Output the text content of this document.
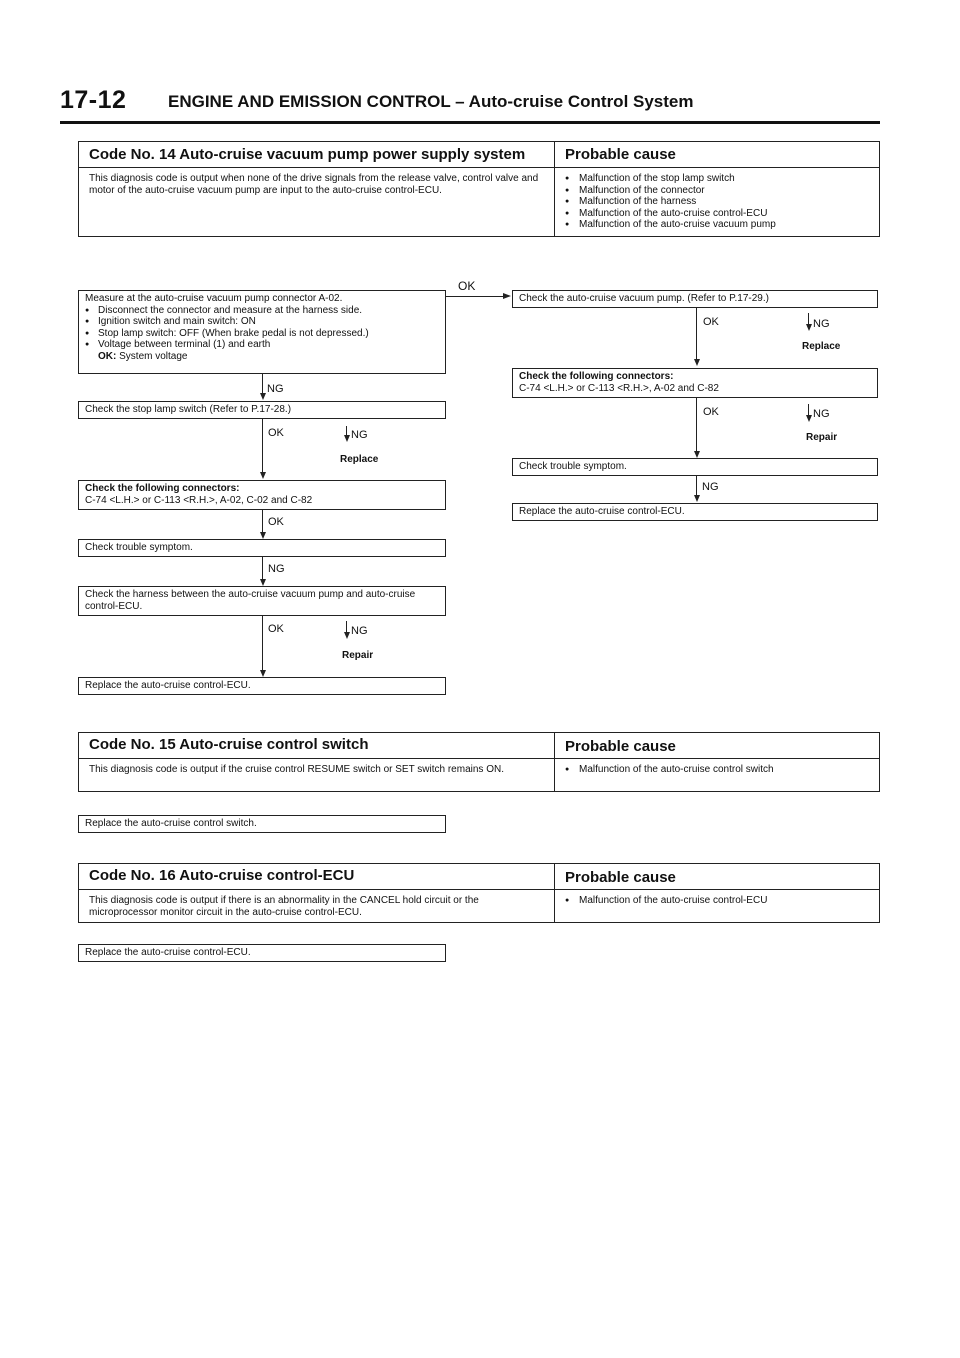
17-12 ENGINE AND EMISSION CONTROL – Auto-cruise Control System
Code No. 14 Auto-cruise vacuum pump power supply system	Probable cause
This diagnosis code is output when none of the drive signals from the release valve, control valve and motor of the auto-cruise vacuum pump are input to the auto-cruise control-ECU.
● Malfunction of the stop lamp switch
● Malfunction of the connector
● Malfunction of the harness
● Malfunction of the auto-cruise control-ECU
● Malfunction of the auto-cruise vacuum pump
Measure at the auto-cruise vacuum pump connector A-02.
● Disconnect the connector and measure at the harness side.
● Ignition switch and main switch: ON
● Stop lamp switch: OFF (When brake pedal is not depressed.)
● Voltage between terminal (1) and earth
OK: System voltage
OK
NG
Check the stop lamp switch (Refer to P.17-28.)
OK	NG
Replace
Check the following connectors:
C-74 <L.H.> or C-113 <R.H.>, A-02, C-02 and C-82
OK
Check trouble symptom.
NG
Check the harness between the auto-cruise vacuum pump and auto-cruise control-ECU.
OK	NG
Repair
Replace the auto-cruise control-ECU.
Check the auto-cruise vacuum pump. (Refer to P.17-29.)
OK	NG
Replace
Check the following connectors:
C-74 <L.H.> or C-113 <R.H.>, A-02 and C-82
OK	NG
Repair
Check trouble symptom.
NG
Replace the auto-cruise control-ECU.
Code No. 15 Auto-cruise control switch	Probable cause
This diagnosis code is output if the cruise control RESUME switch or SET switch remains ON.
●	Malfunction of the auto-cruise control switch
Replace the auto-cruise control switch.
Code No. 16 Auto-cruise control-ECU	Probable cause
This diagnosis code is output if there is an abnormality in the CANCEL hold circuit or the microprocessor monitor circuit in the auto-cruise control-ECU.
● Malfunction of the auto-cruise control-ECU
Replace the auto-cruise control-ECU.
